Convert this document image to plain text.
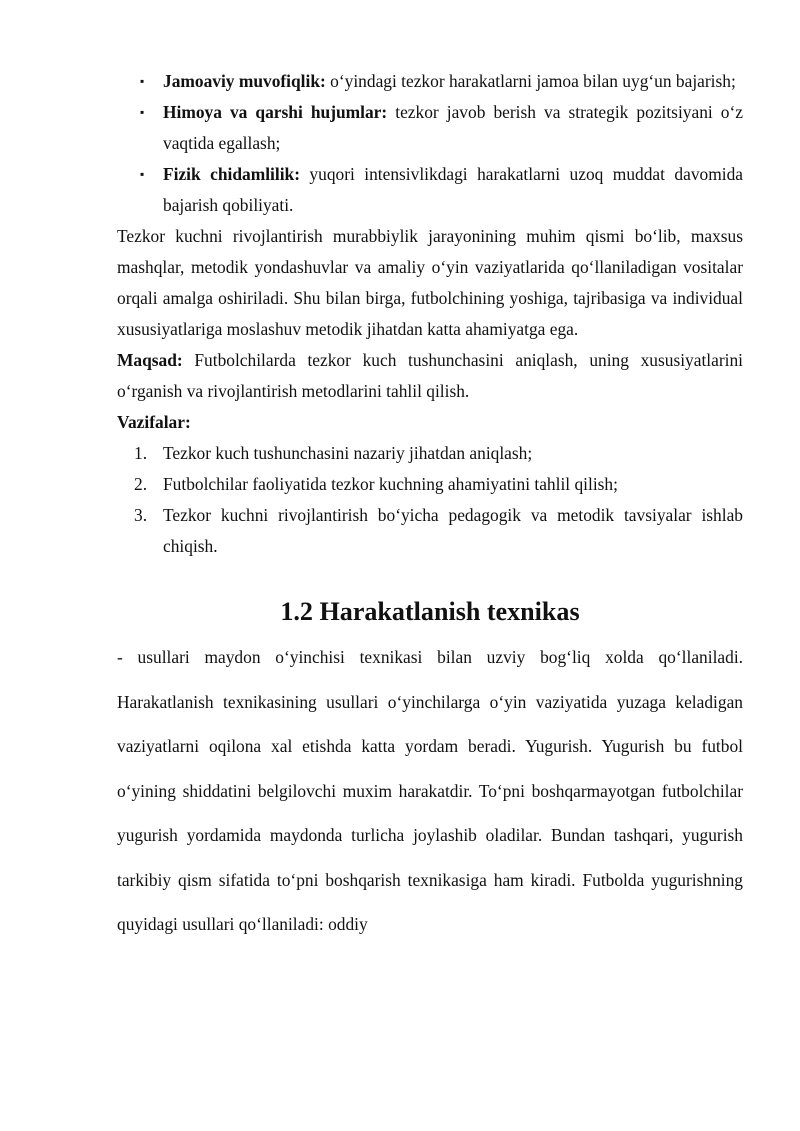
▪ Jamoaviy muvofiqlik: o‘yindagi tezkor harakatlarni jamoa bilan uyg‘un bajarish;
▪ Himoya va qarshi hujumlar: tezkor javob berish va strategik pozitsiyani o‘z vaqtida egallash;
▪ Fizik chidamlilik: yuqori intensivlikdagi harakatlarni uzoq muddat davomida bajarish qobiliyati.

Tezkor kuchni rivojlantirish murabbiylik jarayonining muhim qismi bo‘lib, maxsus mashqlar, metodik yondashuvlar va amaliy o‘yin vaziyatlarida qo‘llaniladigan vositalar orqali amalga oshiriladi. Shu bilan birga, futbolchining yoshiga, tajribasiga va individual xususiyatlariga moslashuv metodik jihatdan katta ahamiyatga ega.

Maqsad: Futbolchilarda tezkor kuch tushunchasini aniqlash, uning xususiyatlarini o‘rganish va rivojlantirish metodlarini tahlil qilish.

Vazifalar:

1. Tezkor kuch tushunchasini nazariy jihatdan aniqlash;
2. Futbolchilar faoliyatida tezkor kuchning ahamiyatini tahlil qilish;
3. Tezkor kuchni rivojlantirish bo‘yicha pedagogik va metodik tavsiyalar ishlab chiqish.
1.2 Harakatlanish texnikas

- usullari maydon o‘yinchisi texnikasi bilan uzviy bog‘liq xolda qo‘llaniladi. Harakatlanish texnikasining usullari o‘yinchilarga o‘yin vaziyatida yuzaga keladigan vaziyatlarni oqilona xal etishda katta yordam beradi. Yugurish. Yugurish bu futbol o‘yining shiddatini belgilovchi muxim harakatdir. To‘pni boshqarmayotgan futbolchilar yugurish yordamida maydonda turlicha joylashib oladilar. Bundan tashqari, yugurish tarkibiy qism sifatida to‘pni boshqarish texnikasiga ham kiradi. Futbolda yugurishning quyidagi usullari qo‘llaniladi: oddiy
